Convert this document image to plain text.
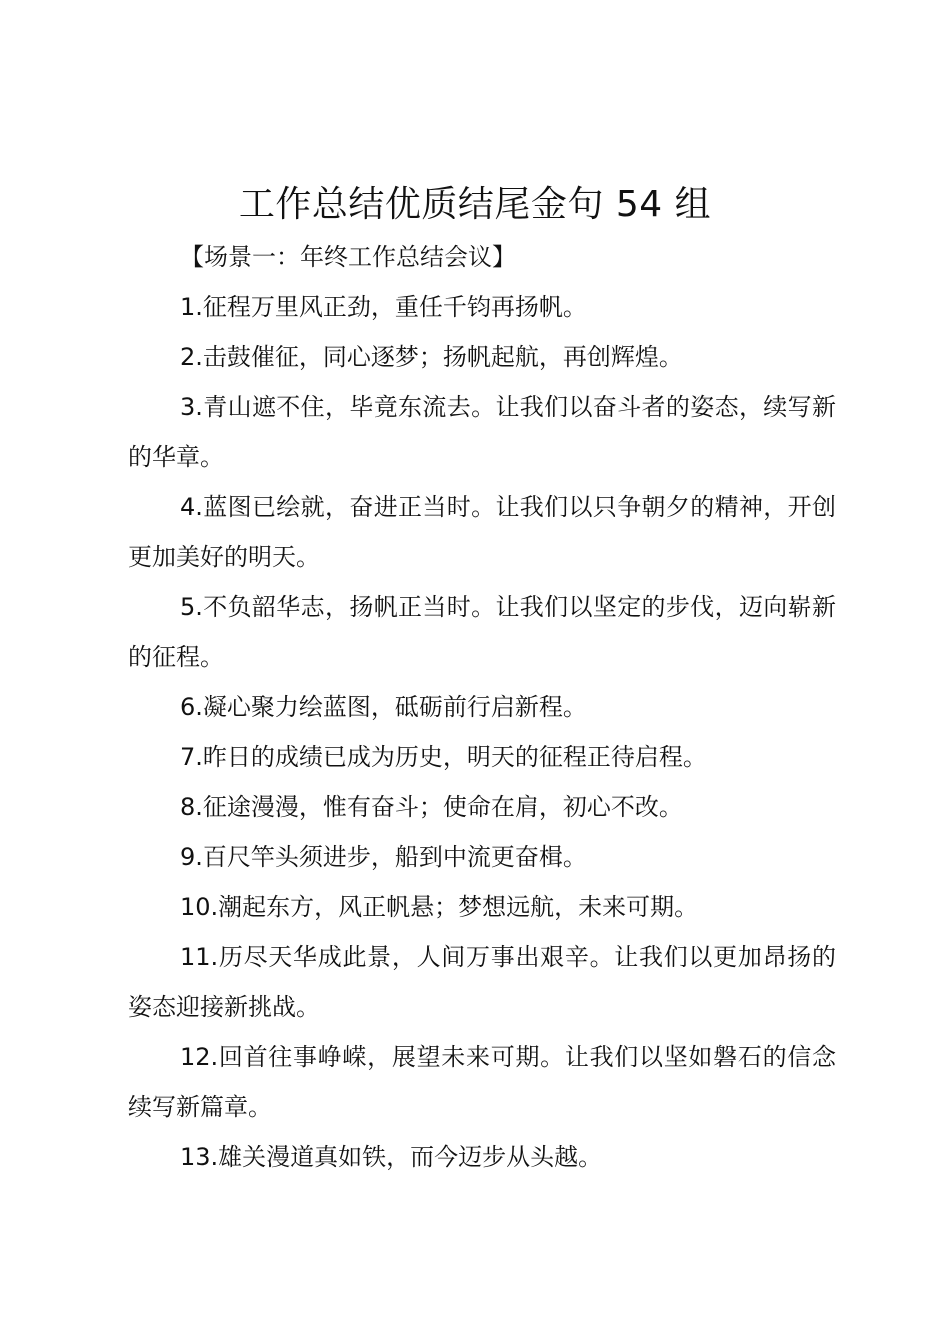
工作总结优质结尾金句 54 组

【场景一：年终工作总结会议】

1.征程万里风正劲，重任千钧再扬帆。

2.击鼓催征，同心逐梦；扬帆起航，再创辉煌。

3.青山遮不住，毕竟东流去。让我们以奋斗者的姿态，续写新的华章。

4.蓝图已绘就，奋进正当时。让我们以只争朝夕的精神，开创更加美好的明天。

5.不负韶华志，扬帆正当时。让我们以坚定的步伐，迈向崭新的征程。

6.凝心聚力绘蓝图，砥砺前行启新程。

7.昨日的成绩已成为历史，明天的征程正待启程。

8.征途漫漫，惟有奋斗；使命在肩，初心不改。

9.百尺竿头须进步，船到中流更奋楫。

10.潮起东方，风正帆悬；梦想远航，未来可期。

11.历尽天华成此景，人间万事出艰辛。让我们以更加昂扬的姿态迎接新挑战。

12.回首往事峥嵘，展望未来可期。让我们以坚如磐石的信念续写新篇章。

13.雄关漫道真如铁，而今迈步从头越。
